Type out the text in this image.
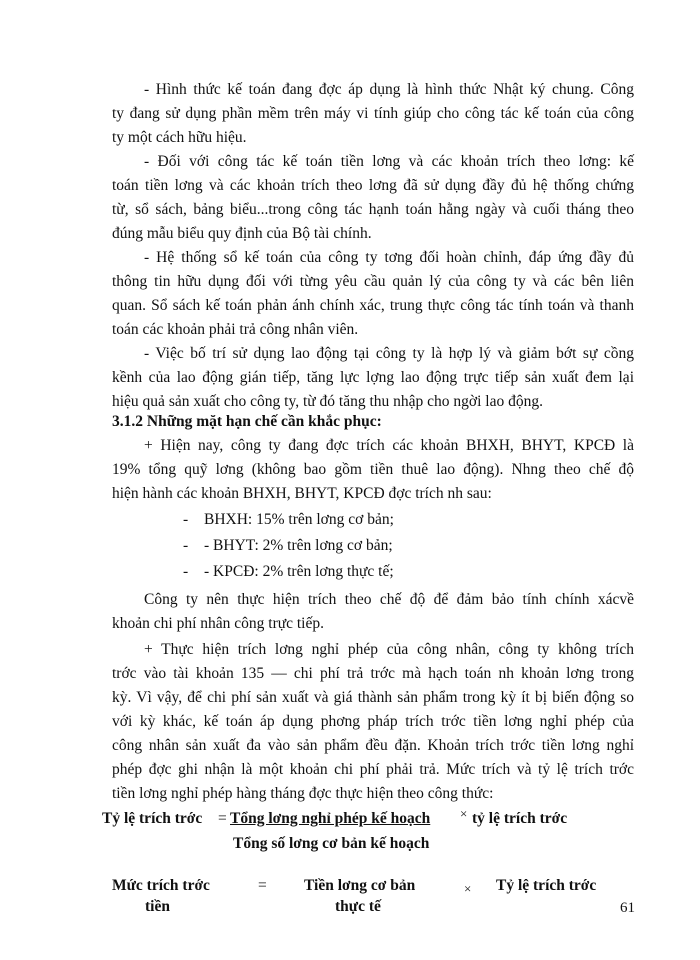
- Hình thức kế toán đang đợc áp dụng là hình thức Nhật ký chung. Công
ty đang sử dụng phần mềm trên máy vi tính giúp cho công tác kế toán của công
ty một cách hữu hiệu.
- Đối với công tác kế toán tiền lơng và các khoản trích theo lơng: kế
toán tiền lơng và các khoản trích theo lơng đã sử dụng đầy đủ hệ thống chứng
từ, sổ sách, bảng biểu...trong công tác hạnh toán hằng ngày và cuối tháng theo
đúng mẫu biểu quy định của Bộ tài chính.
- Hệ thống sổ kế toán của công ty tơng đối hoàn chỉnh, đáp ứng đầy đủ
thông tin hữu dụng đối với từng yêu cầu quản lý của công ty và các bên liên
quan. Sổ sách kế toán phản ánh chính xác, trung thực công tác tính toán và thanh
toán các khoản phải trả công nhân viên.
- Việc bố trí sử dụng lao động tại công ty là hợp lý và giảm bớt sự cồng
kềnh của lao động gián tiếp, tăng lực lợng lao động trực tiếp sản xuất đem lại
hiệu quả sản xuất cho công ty, từ đó tăng thu nhập cho ngời lao động.
3.1.2 Những mặt hạn chế cần khắc phục:
+ Hiện nay, công ty đang đợc trích các khoản BHXH, BHYT, KPCĐ là
19% tổng quỹ lơng (không bao gồm tiền thuê lao động). Nhng theo chế độ
hiện hành các khoản BHXH, BHYT, KPCĐ đợc trích nh sau:
- BHXH: 15% trên lơng cơ bản;
- - BHYT: 2% trên lơng cơ bản;
- - KPCĐ: 2% trên lơng thực tế;
Công ty nên thực hiện trích theo chế độ để đảm bảo tính chính xácvề
khoản chi phí nhân công trực tiếp.
+ Thực hiện trích lơng nghỉ phép của công nhân, công ty không trích
trớc vào tài khoản 135 — chi phí trả trớc mà hạch toán nh khoản lơng trong
kỳ. Vì vậy, để chi phí sản xuất và giá thành sản phẩm trong kỳ ít bị biến động so
với kỳ khác, kế toán áp dụng phơng pháp trích trớc tiền lơng nghỉ phép của
công nhân sản xuất đa vào sản phẩm đều đặn. Khoản trích trớc tiền lơng nghỉ
phép đợc ghi nhận là một khoản chi phí phải trả. Mức trích và tỷ lệ trích trớc
tiền lơng nghỉ phép hàng tháng đợc thực hiện theo công thức:
Tỷ lệ trích trớc = Tổng lơng nghỉ phép kế hoạch × tỷ lệ trích trớc
Tổng số lơng cơ bản kế hoạch
Mức trích trớc
tiền
= Tiền lơng cơ bản
thực tế
× Tỷ lệ trích trớc
61
